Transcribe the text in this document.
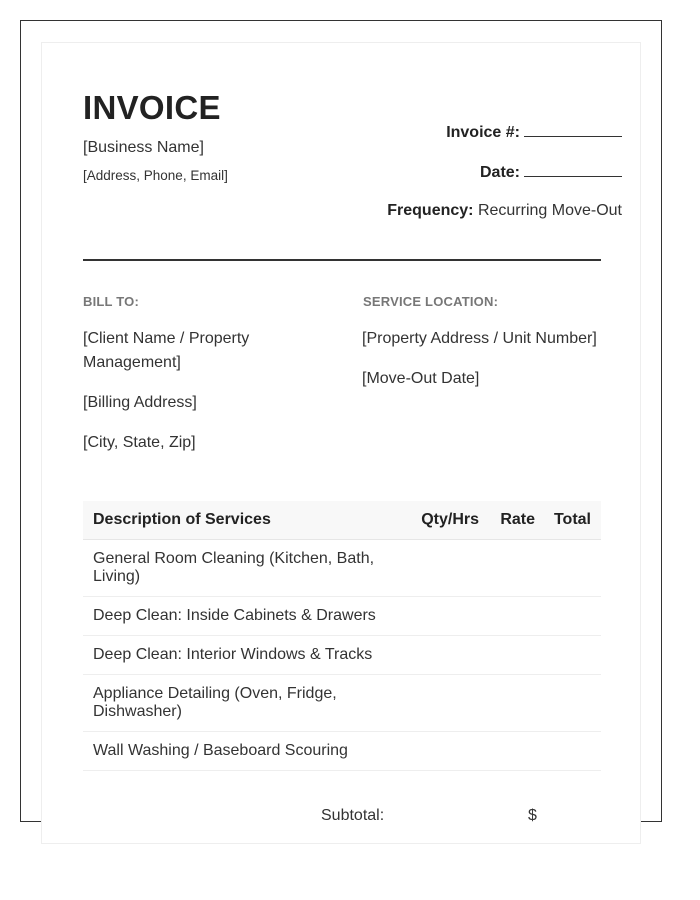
INVOICE
[Business Name]
[Address, Phone, Email]
Invoice #:
Date:
Frequency: Recurring Move-Out
BILL TO:	SERVICE LOCATION:
[Client Name / Property Management]
[Billing Address]
[City, State, Zip]
[Property Address / Unit Number]
[Move-Out Date]
Description of Services	Qty/Hrs	Rate	Total
General Room Cleaning (Kitchen, Bath, Living)			
Deep Clean: Inside Cabinets & Drawers			
Deep Clean: Interior Windows & Tracks			
Appliance Detailing (Oven, Fridge, Dishwasher)			
Wall Washing / Baseboard Scouring			
Subtotal:	$
